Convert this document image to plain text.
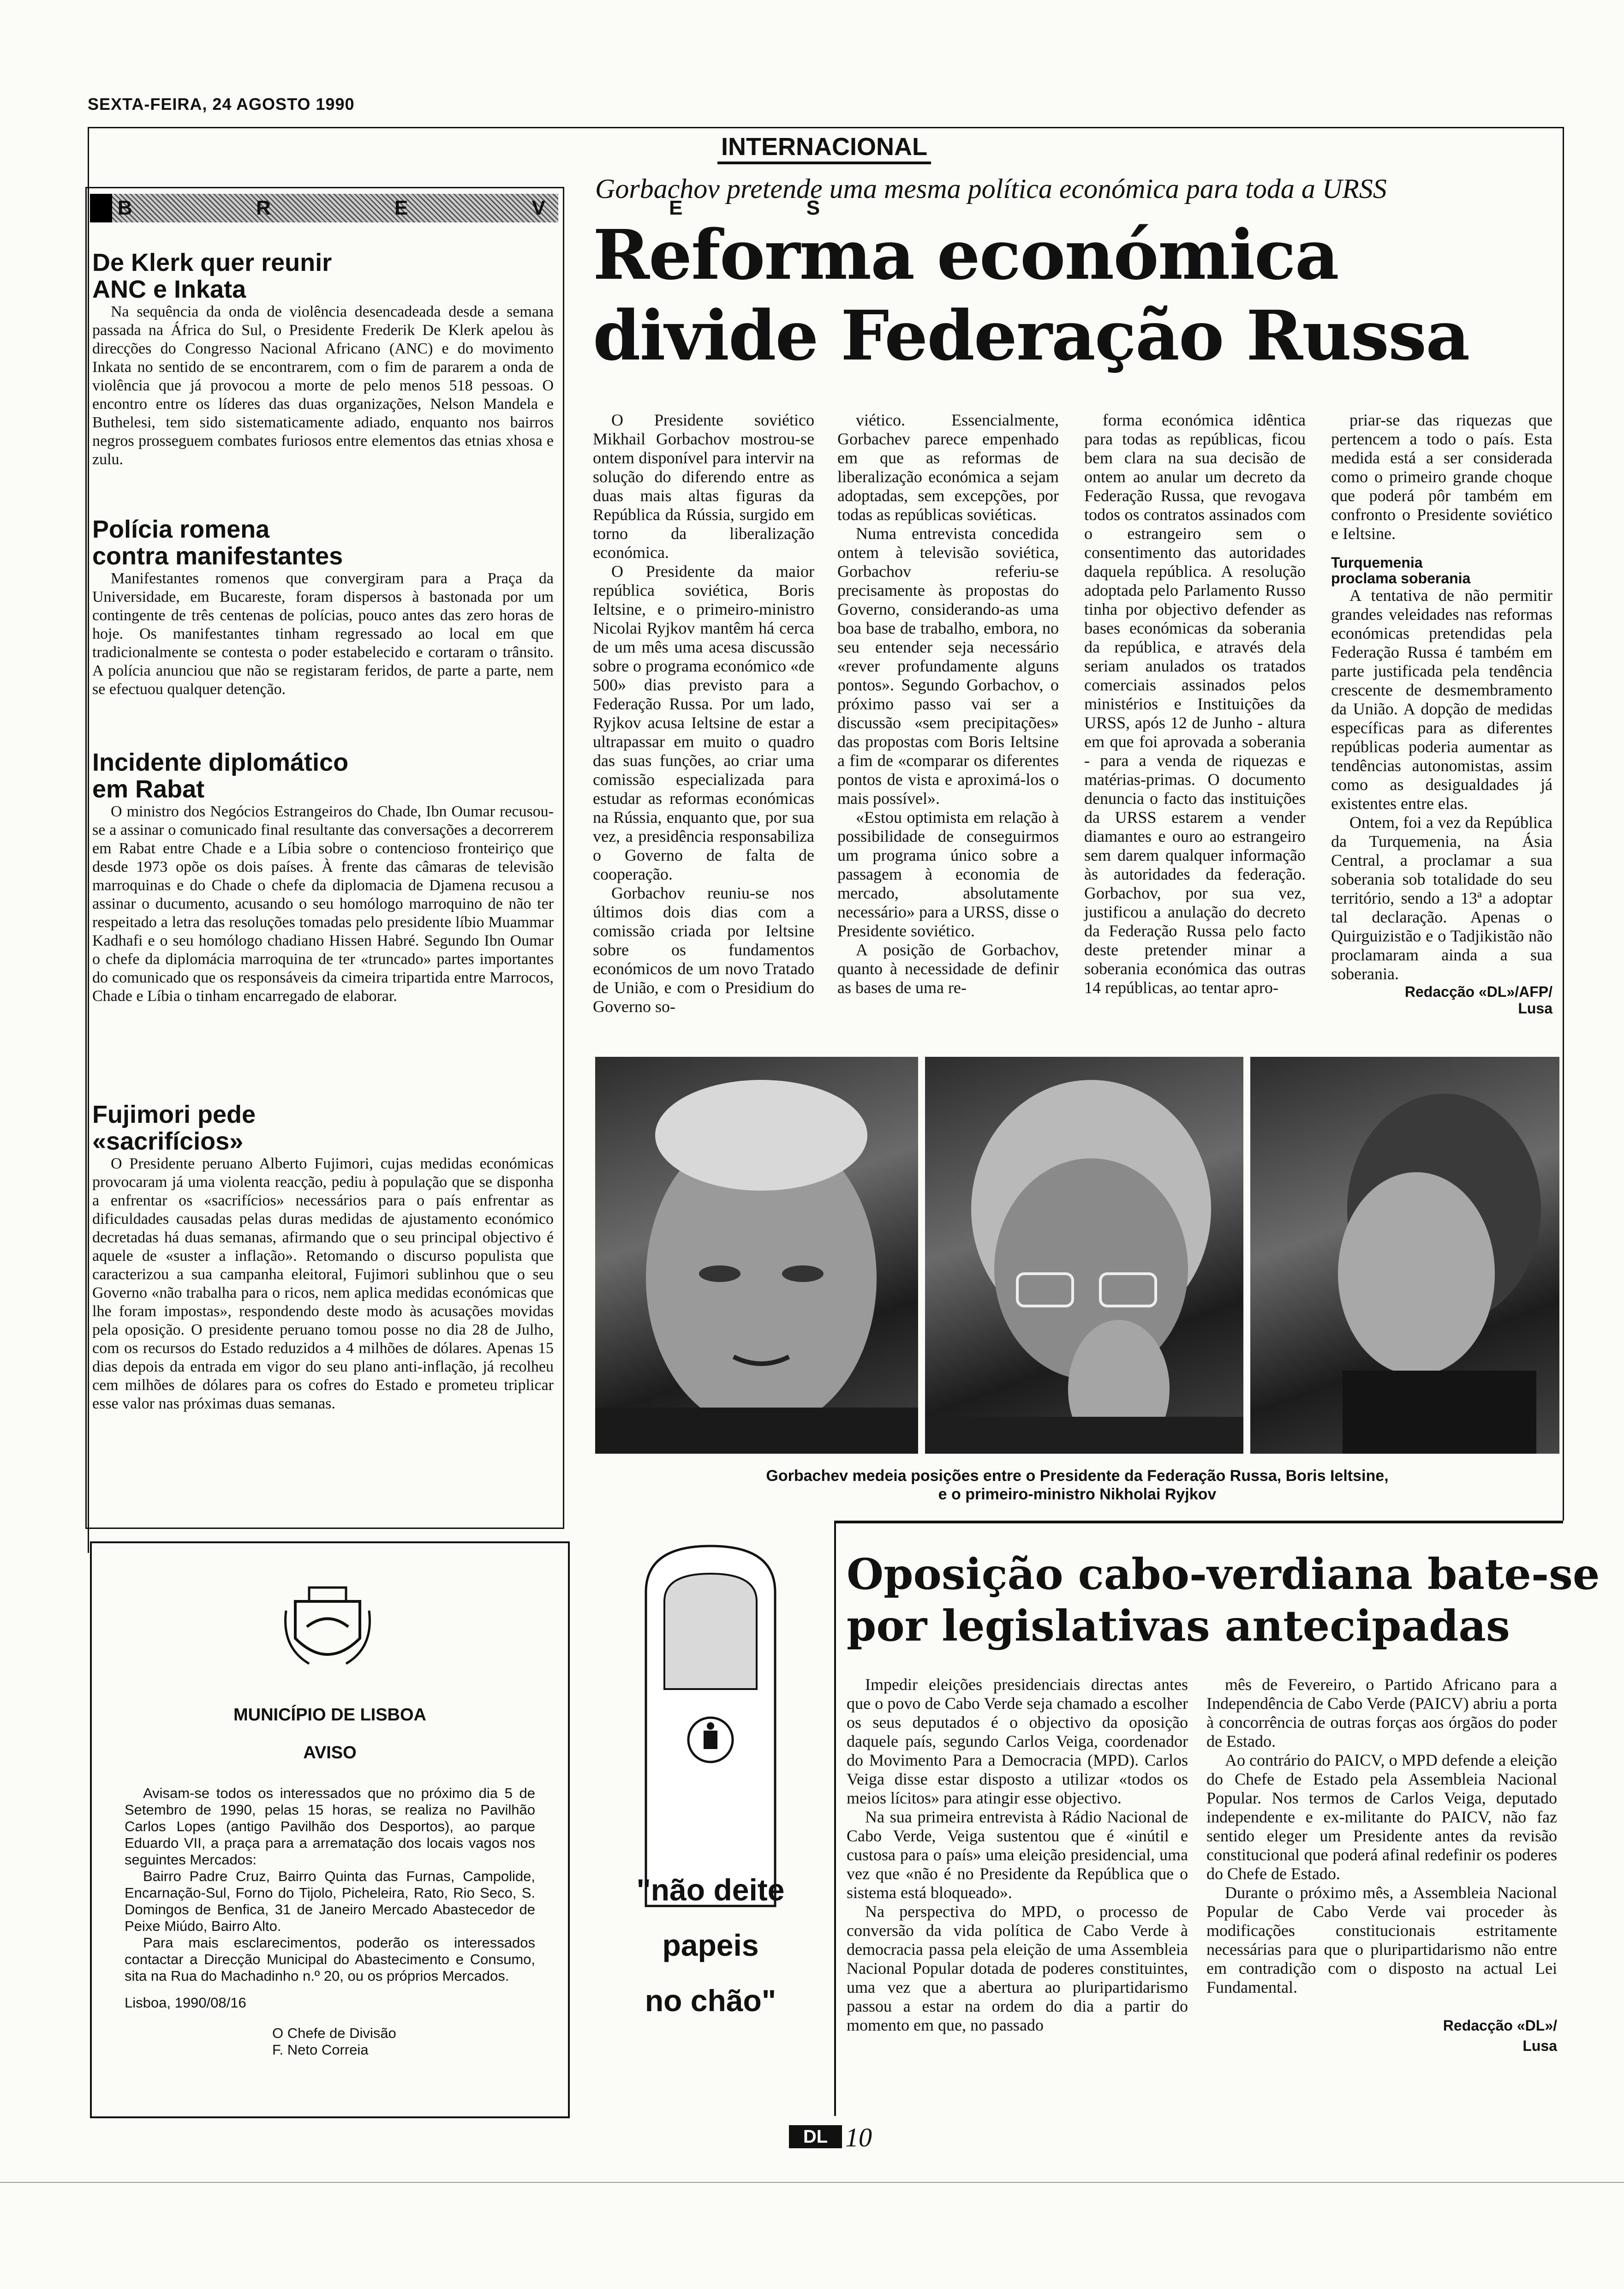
SEXTA-FEIRA, 24 AGOSTO 1990
INTERNACIONAL
B R E V E S

De Klerk quer reunir

ANC e Inkata

Na sequência da onda de violência desencadeada desde a semana passada na África do Sul, o Presidente Frederik De Klerk apelou às direcções do Congresso Nacional Africano (ANC) e do movimento Inkata no sentido de se encontrarem, com o fim de pararem a onda de violência que já provocou a morte de pelo menos 518 pessoas. O encontro entre os líderes das duas organizações, Nelson Mandela e Buthelesi, tem sido sistematicamente adiado, enquanto nos bairros negros prosseguem combates furiosos entre elementos das etnias xhosa e zulu.

Polícia romena

contra manifestantes

Manifestantes romenos que convergiram para a Praça da Universidade, em Bucareste, foram dispersos à bastonada por um contingente de três centenas de polícias, pouco antes das zero horas de hoje. Os manifestantes tinham regressado ao local em que tradicionalmente se contesta o poder estabelecido e cortaram o trânsito. A polícia anunciou que não se registaram feridos, de parte a parte, nem se efectuou qualquer detenção.

Incidente diplomático

em Rabat

O ministro dos Negócios Estrangeiros do Chade, Ibn Oumar recusou-se a assinar o comunicado final resultante das conversações a decorrerem em Rabat entre Chade e a Líbia sobre o contencioso fronteiriço que desde 1973 opõe os dois países. À frente das câmaras de televisão marroquinas e do Chade o chefe da diplomacia de Djamena recusou a assinar o ducumento, acusando o seu homólogo marroquino de não ter respeitado a letra das resoluções tomadas pelo presidente líbio Muammar Kadhafi e o seu homólogo chadiano Hissen Habré. Segundo Ibn Oumar o chefe da diplomácia marroquina de ter «truncado» partes importantes do comunicado que os responsáveis da cimeira tripartida entre Marrocos, Chade e Líbia o tinham encarregado de elaborar.

Fujimori pede

«sacrifícios»

O Presidente peruano Alberto Fujimori, cujas medidas económicas provocaram já uma violenta reacção, pediu à população que se disponha a enfrentar os «sacrifícios» necessários para o país enfrentar as dificuldades causadas pelas duras medidas de ajustamento económico decretadas há duas semanas, afirmando que o seu principal objectivo é aquele de «suster a inflação». Retomando o discurso populista que caracterizou a sua campanha eleitoral, Fujimori sublinhou que o seu Governo «não trabalha para o ricos, nem aplica medidas económicas que lhe foram impostas», respondendo deste modo às acusações movidas pela oposição. O presidente peruano tomou posse no dia 28 de Julho, com os recursos do Estado reduzidos a 4 milhões de dólares. Apenas 15 dias depois da entrada em vigor do seu plano anti-inflação, já recolheu cem milhões de dólares para os cofres do Estado e prometeu triplicar esse valor nas próximas duas semanas.

Gorbachov pretende uma mesma política económica para toda a URSS
Reforma económica
divide Federação Russa

O Presidente soviético Mikhail Gorbachov mostrou-se ontem disponível para intervir na solução do diferendo entre as duas mais altas figuras da República da Rússia, surgido em torno da liberalização económica.

O Presidente da maior república soviética, Boris Ieltsine, e o primeiro-ministro Nicolai Ryjkov mantêm há cerca de um mês uma acesa discussão sobre o programa económico «de 500» dias previsto para a Federação Russa. Por um lado, Ryjkov acusa Ieltsine de estar a ultrapassar em muito o quadro das suas funções, ao criar uma comissão especializada para estudar as reformas económicas na Rússia, enquanto que, por sua vez, a presidência responsabiliza o Governo de falta de cooperação.

Gorbachov reuniu-se nos últimos dois dias com a comissão criada por Ieltsine sobre os fundamentos económicos de um novo Tratado de União, e com o Presidium do Governo so-

viético. Essencialmente, Gorbachev parece empenhado em que as reformas de liberalização económica a sejam adoptadas, sem excepções, por todas as repúblicas soviéticas.

Numa entrevista concedida ontem à televisão soviética, Gorbachov referiu-se precisamente às propostas do Governo, considerando-as uma boa base de trabalho, embora, no seu entender seja necessário «rever profundamente alguns pontos». Segundo Gorbachov, o próximo passo vai ser a discussão «sem precipitações» das propostas com Boris Ieltsine a fim de «comparar os diferentes pontos de vista e aproximá-los o mais possível».

«Estou optimista em relação à possibilidade de conseguirmos um programa único sobre a passagem à economia de mercado, absolutamente necessário» para a URSS, disse o Presidente soviético.

A posição de Gorbachov, quanto à necessidade de definir as bases de uma re-

forma económica idêntica para todas as repúblicas, ficou bem clara na sua decisão de ontem ao anular um decreto da Federação Russa, que revogava todos os contratos assinados com o estrangeiro sem o consentimento das autoridades daquela república. A resolução adoptada pelo Parlamento Russo tinha por objectivo defender as bases económicas da soberania da república, e através dela seriam anulados os tratados comerciais assinados pelos ministérios e Instituições da URSS, após 12 de Junho - altura em que foi aprovada a soberania - para a venda de riquezas e matérias-primas. O documento denuncia o facto das instituições da URSS estarem a vender diamantes e ouro ao estrangeiro sem darem qualquer informação às autoridades da federação. Gorbachov, por sua vez, justificou a anulação do decreto da Federação Russa pelo facto deste pretender minar a soberania económica das outras 14 repúblicas, ao tentar apro-

priar-se das riquezas que pertencem a todo o país. Esta medida está a ser considerada como o primeiro grande choque que poderá pôr também em confronto o Presidente soviético e Ieltsine.

Turquemenia
proclama soberania

A tentativa de não permitir grandes veleidades nas reformas económicas pretendidas pela Federação Russa é também em parte justificada pela tendência crescente de desmembramento da União. A dopção de medidas específicas para as diferentes repúblicas poderia aumentar as tendências autonomistas, assim como as desigualdades já existentes entre elas.

Ontem, foi a vez da República da Turquemenia, na Ásia Central, a proclamar a sua soberania sob totalidade do seu território, sendo a 13ª a adoptar tal declaração. Apenas o Quirguizistão e o Tadjikistão não proclamaram ainda a sua soberania.

Redacção «DL»/AFP/
Lusa
Gorbachev medeia posições entre o Presidente da Federação Russa, Boris Ieltsine,
e o primeiro-ministro Nikholai Ryjkov
MUNICÍPIO DE LISBOA
AVISO

Avisam-se todos os interessados que no próximo dia 5 de Setembro de 1990, pelas 15 horas, se realiza no Pavilhão Carlos Lopes (antigo Pavilhão dos Desportos), ao parque Eduardo VII, a praça para a arrematação dos locais vagos nos seguintes Mercados:

Bairro Padre Cruz, Bairro Quinta das Furnas, Campolide, Encarnação-Sul, Forno do Tijolo, Picheleira, Rato, Rio Seco, S. Domingos de Benfica, 31 de Janeiro Mercado Abastecedor de Peixe Miúdo, Bairro Alto.

Para mais esclarecimentos, poderão os interessados contactar a Direcção Municipal do Abastecimento e Consumo, sita na Rua do Machadinho n.º 20, ou os próprios Mercados.

Lisboa, 1990/08/16

O Chefe de Divisão

F. Neto Correia

"não deite
papeis
no chão"
Oposição cabo-verdiana bate-se
por legislativas antecipadas

Impedir eleições presidenciais directas antes que o povo de Cabo Verde seja chamado a escolher os seus deputados é o objectivo da oposição daquele país, segundo Carlos Veiga, coordenador do Movimento Para a Democracia (MPD). Carlos Veiga disse estar disposto a utilizar «todos os meios lícitos» para atingir esse objectivo.

Na sua primeira entrevista à Rádio Nacional de Cabo Verde, Veiga sustentou que é «inútil e custosa para o país» uma eleição presidencial, uma vez que «não é no Presidente da República que o sistema está bloqueado».

Na perspectiva do MPD, o processo de conversão da vida política de Cabo Verde à democracia passa pela eleição de uma Assembleia Nacional Popular dotada de poderes constituintes, uma vez que a abertura ao pluripartidarismo passou a estar na ordem do dia a partir do momento em que, no passado

mês de Fevereiro, o Partido Africano para a Independência de Cabo Verde (PAICV) abriu a porta à concorrência de outras forças aos órgãos do poder de Estado.

Ao contrário do PAICV, o MPD defende a eleição do Chefe de Estado pela Assembleia Nacional Popular. Nos termos de Carlos Veiga, deputado independente e ex-militante do PAICV, não faz sentido eleger um Presidente antes da revisão constitucional que poderá afinal redefinir os poderes do Chefe de Estado.

Durante o próximo mês, a Assembleia Nacional Popular de Cabo Verde vai proceder às modificações constitucionais estritamente necessárias para que o pluripartidarismo não entre em contradição com o disposto na actual Lei Fundamental.

Redacção «DL»/
Lusa
DL 10
